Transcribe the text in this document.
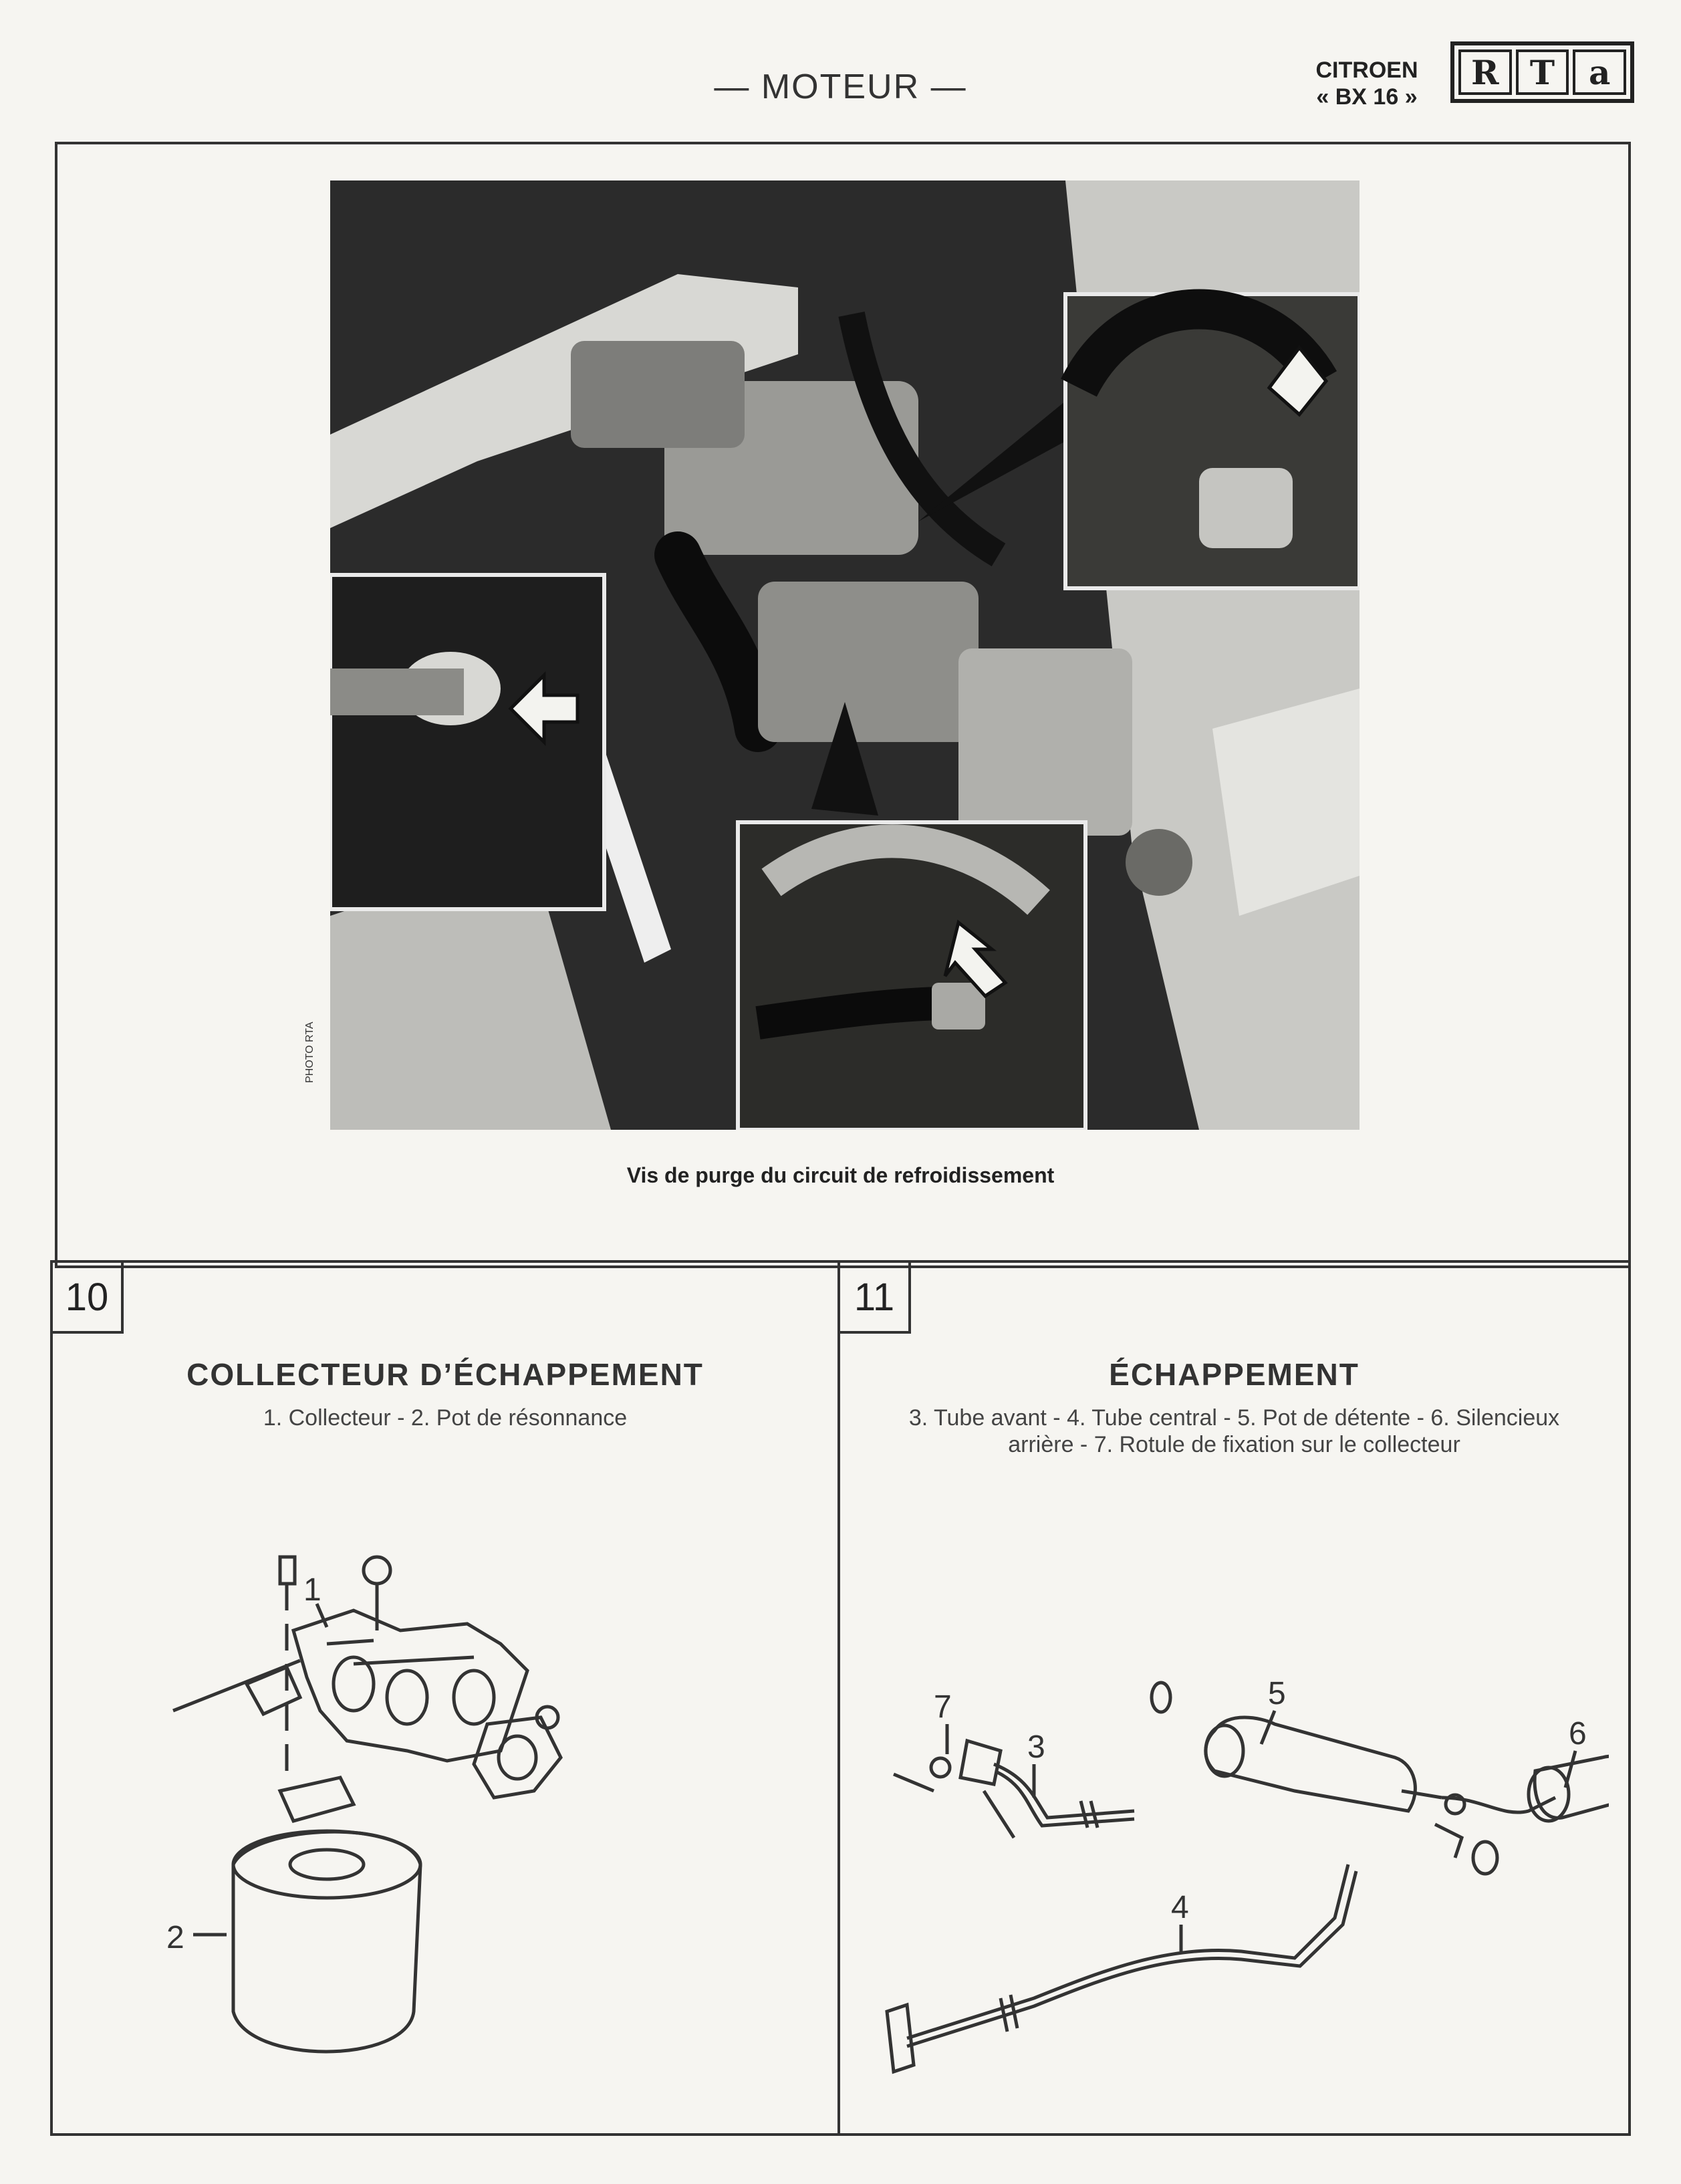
— MOTEUR —	CITROEN
« BX 16 »
R T	a
PHOTO RTA
Vis de purge du circuit de refroidissement
10
COLLECTEUR D’ÉCHAPPEMENT
1. Collecteur - 2. Pot de résonnance
1
2
11
ÉCHAPPEMENT
3. Tube avant - 4. Tube central - 5. Pot de détente - 6. Silencieux arrière - 7. Rotule de fixation sur le collecteur
7
3
5
6
4
